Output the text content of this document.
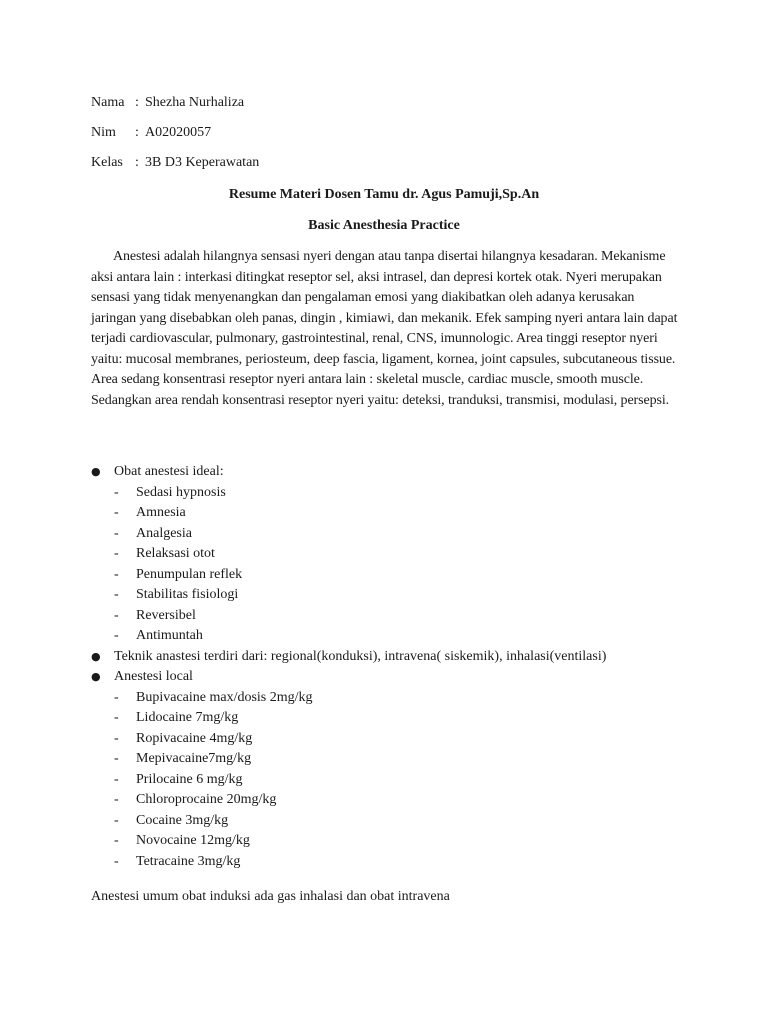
Nama : Shezha Nurhaliza
Nim : A02020057
Kelas : 3B D3 Keperawatan
Resume Materi Dosen Tamu dr. Agus Pamuji,Sp.An
Basic Anesthesia Practice

Anestesi adalah hilangnya sensasi nyeri dengan atau tanpa disertai hilangnya kesadaran. Mekanisme aksi antara lain : interkasi ditingkat reseptor sel, aksi intrasel, dan depresi kortek otak. Nyeri merupakan sensasi yang tidak menyenangkan dan pengalaman emosi yang diakibatkan oleh adanya kerusakan jaringan yang disebabkan oleh panas, dingin , kimiawi, dan mekanik. Efek samping nyeri antara lain dapat terjadi cardiovascular, pulmonary, gastrointestinal, renal, CNS, imunnologic. Area tinggi reseptor nyeri yaitu: mucosal membranes, periosteum, deep fascia, ligament, kornea, joint capsules, subcutaneous tissue. Area sedang konsentrasi reseptor nyeri antara lain : skeletal muscle, cardiac muscle, smooth muscle. Sedangkan area rendah konsentrasi reseptor nyeri yaitu: deteksi, tranduksi, transmisi, modulasi, persepsi.

● Obat anestesi ideal:
- Sedasi hypnosis
- Amnesia
- Analgesia
- Relaksasi otot
- Penumpulan reflek
- Stabilitas fisiologi
- Reversibel
- Antimuntah
● Teknik anastesi terdiri dari: regional(konduksi), intravena( siskemik), inhalasi(ventilasi)
● Anestesi local
- Bupivacaine max/dosis 2mg/kg
- Lidocaine 7mg/kg
- Ropivacaine 4mg/kg
- Mepivacaine7mg/kg
- Prilocaine 6 mg/kg
- Chloroprocaine 20mg/kg
- Cocaine 3mg/kg
- Novocaine 12mg/kg
- Tetracaine 3mg/kg
Anestesi umum obat induksi ada gas inhalasi dan obat intravena
